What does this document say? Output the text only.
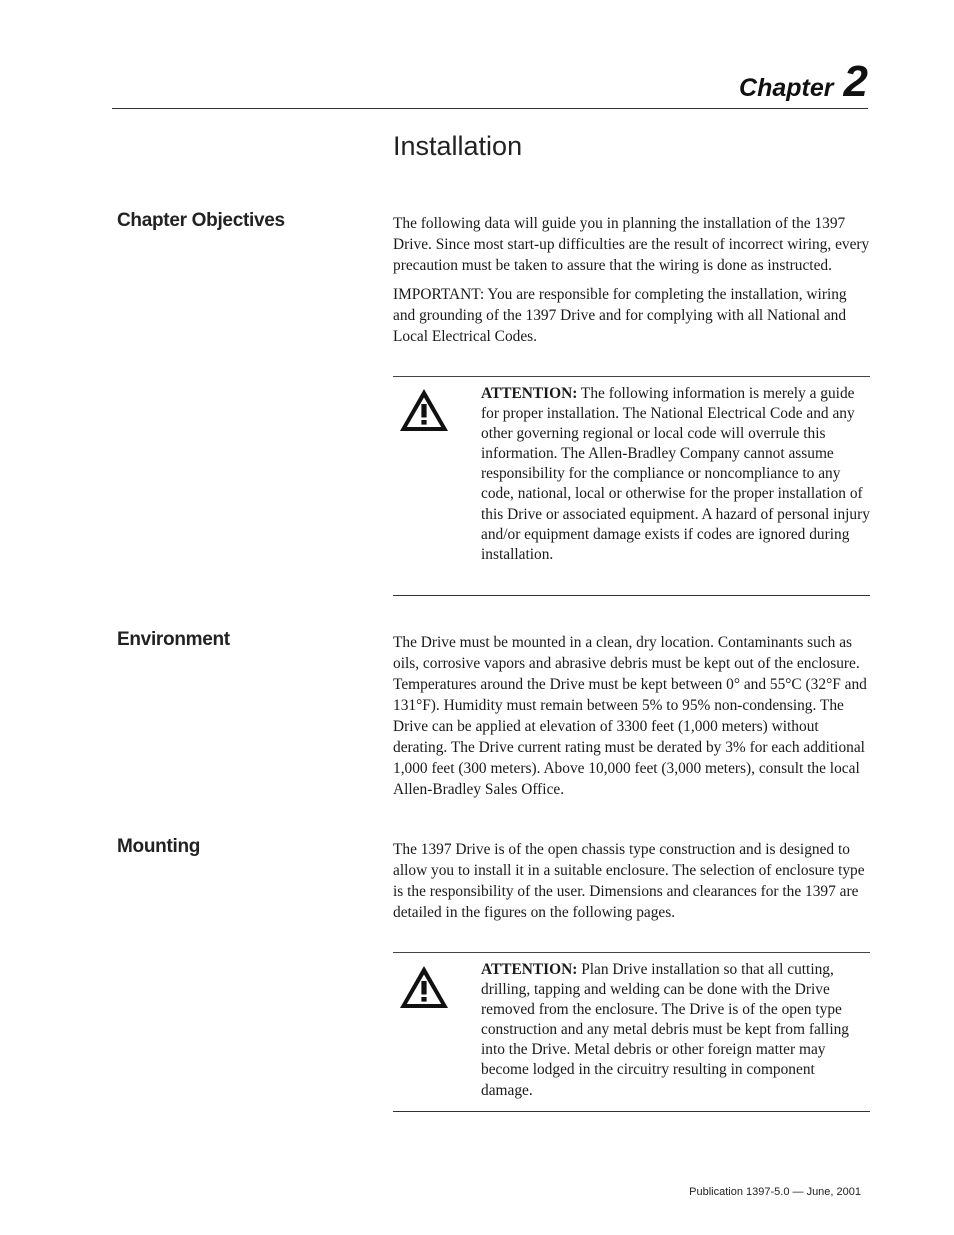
Chapter 2
Installation
Chapter Objectives	The following data will guide you in planning the installation of the 1397 Drive. Since most start-up difficulties are the result of incorrect wiring, every precaution must be taken to assure that the wiring is done as instructed.

IMPORTANT: You are responsible for completing the installation, wiring and grounding of the 1397 Drive and for complying with all National and Local Electrical Codes.

ATTENTION: The following information is merely a guide for proper installation. The National Electrical Code and any other governing regional or local code will overrule this information. The Allen-Bradley Company cannot assume responsibility for the compliance or noncompliance to any code, national, local or otherwise for the proper installation of this Drive or associated equipment. A hazard of personal injury and/or equipment damage exists if codes are ignored during installation.
Environment	The Drive must be mounted in a clean, dry location. Contaminants such as oils, corrosive vapors and abrasive debris must be kept out of the enclosure. Temperatures around the Drive must be kept between 0° and 55°C (32°F and 131°F). Humidity must remain between 5% to 95% non-condensing. The Drive can be applied at elevation of 3300 feet (1,000 meters) without derating. The Drive current rating must be derated by 3% for each additional 1,000 feet (300 meters). Above 10,000 feet (3,000 meters), consult the local Allen-Bradley Sales Office.

Mounting	The 1397 Drive is of the open chassis type construction and is designed to allow you to install it in a suitable enclosure. The selection of enclosure type is the responsibility of the user. Dimensions and clearances for the 1397 are detailed in the figures on the following pages.

ATTENTION: Plan Drive installation so that all cutting, drilling, tapping and welding can be done with the Drive removed from the enclosure. The Drive is of the open type construction and any metal debris must be kept from falling into the Drive. Metal debris or other foreign matter may become lodged in the circuitry resulting in component damage.
Publication 1397-5.0 — June, 2001
